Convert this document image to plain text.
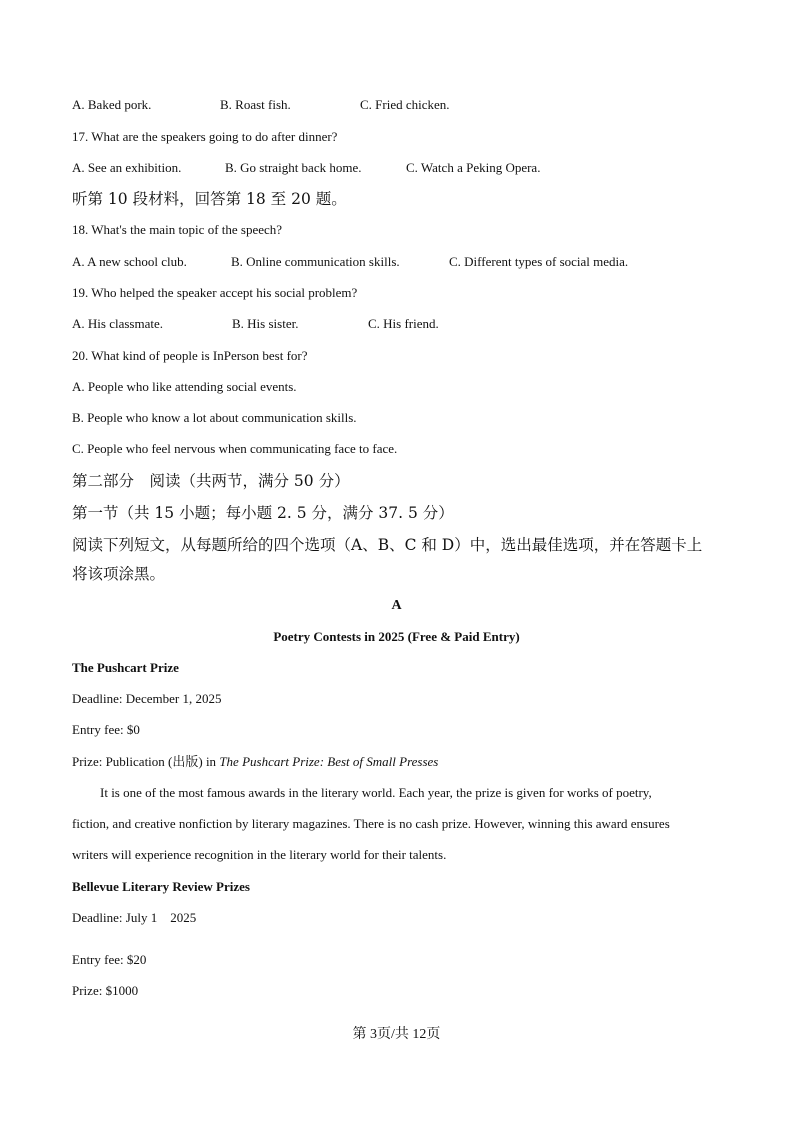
A. Baked pork.	B. Roast fish.	C. Fried chicken.
17. What are the speakers going to do after dinner?
A. See an exhibition.	B. Go straight back home.	C. Watch a Peking Opera.
听第 10 段材料，回答第 18 至 20 题。
18. What's the main topic of the speech?
A. A new school club.	B. Online communication skills.	C. Different types of social media.
19. Who helped the speaker accept his social problem?
A. His classmate.	B. His sister.	C. His friend.
20. What kind of people is InPerson best for?
A. People who like attending social events.
B. People who know a lot about communication skills.
C. People who feel nervous when communicating face to face.
第二部分　阅读（共两节，满分 50 分）
第一节（共 15 小题；每小题 2. 5 分，满分 37. 5 分）
阅读下列短文，从每题所给的四个选项（A、B、C 和 D）中，选出最佳选项，并在答题卡上
将该项涂黑。
A
Poetry Contests in 2025 (Free & Paid Entry)
The Pushcart Prize
Deadline: December 1, 2025
Entry fee: $0
Prize: Publication (出版) in The Pushcart Prize: Best of Small Presses
It is one of the most famous awards in the literary world. Each year, the prize is given for works of poetry,
fiction, and creative nonfiction by literary magazines. There is no cash prize. However, winning this award ensures
writers will experience recognition in the literary world for their talents.
Bellevue Literary Review Prizes
Deadline: July 1　2025
Entry fee: $20
Prize: $1000
第 3页/共 12页
